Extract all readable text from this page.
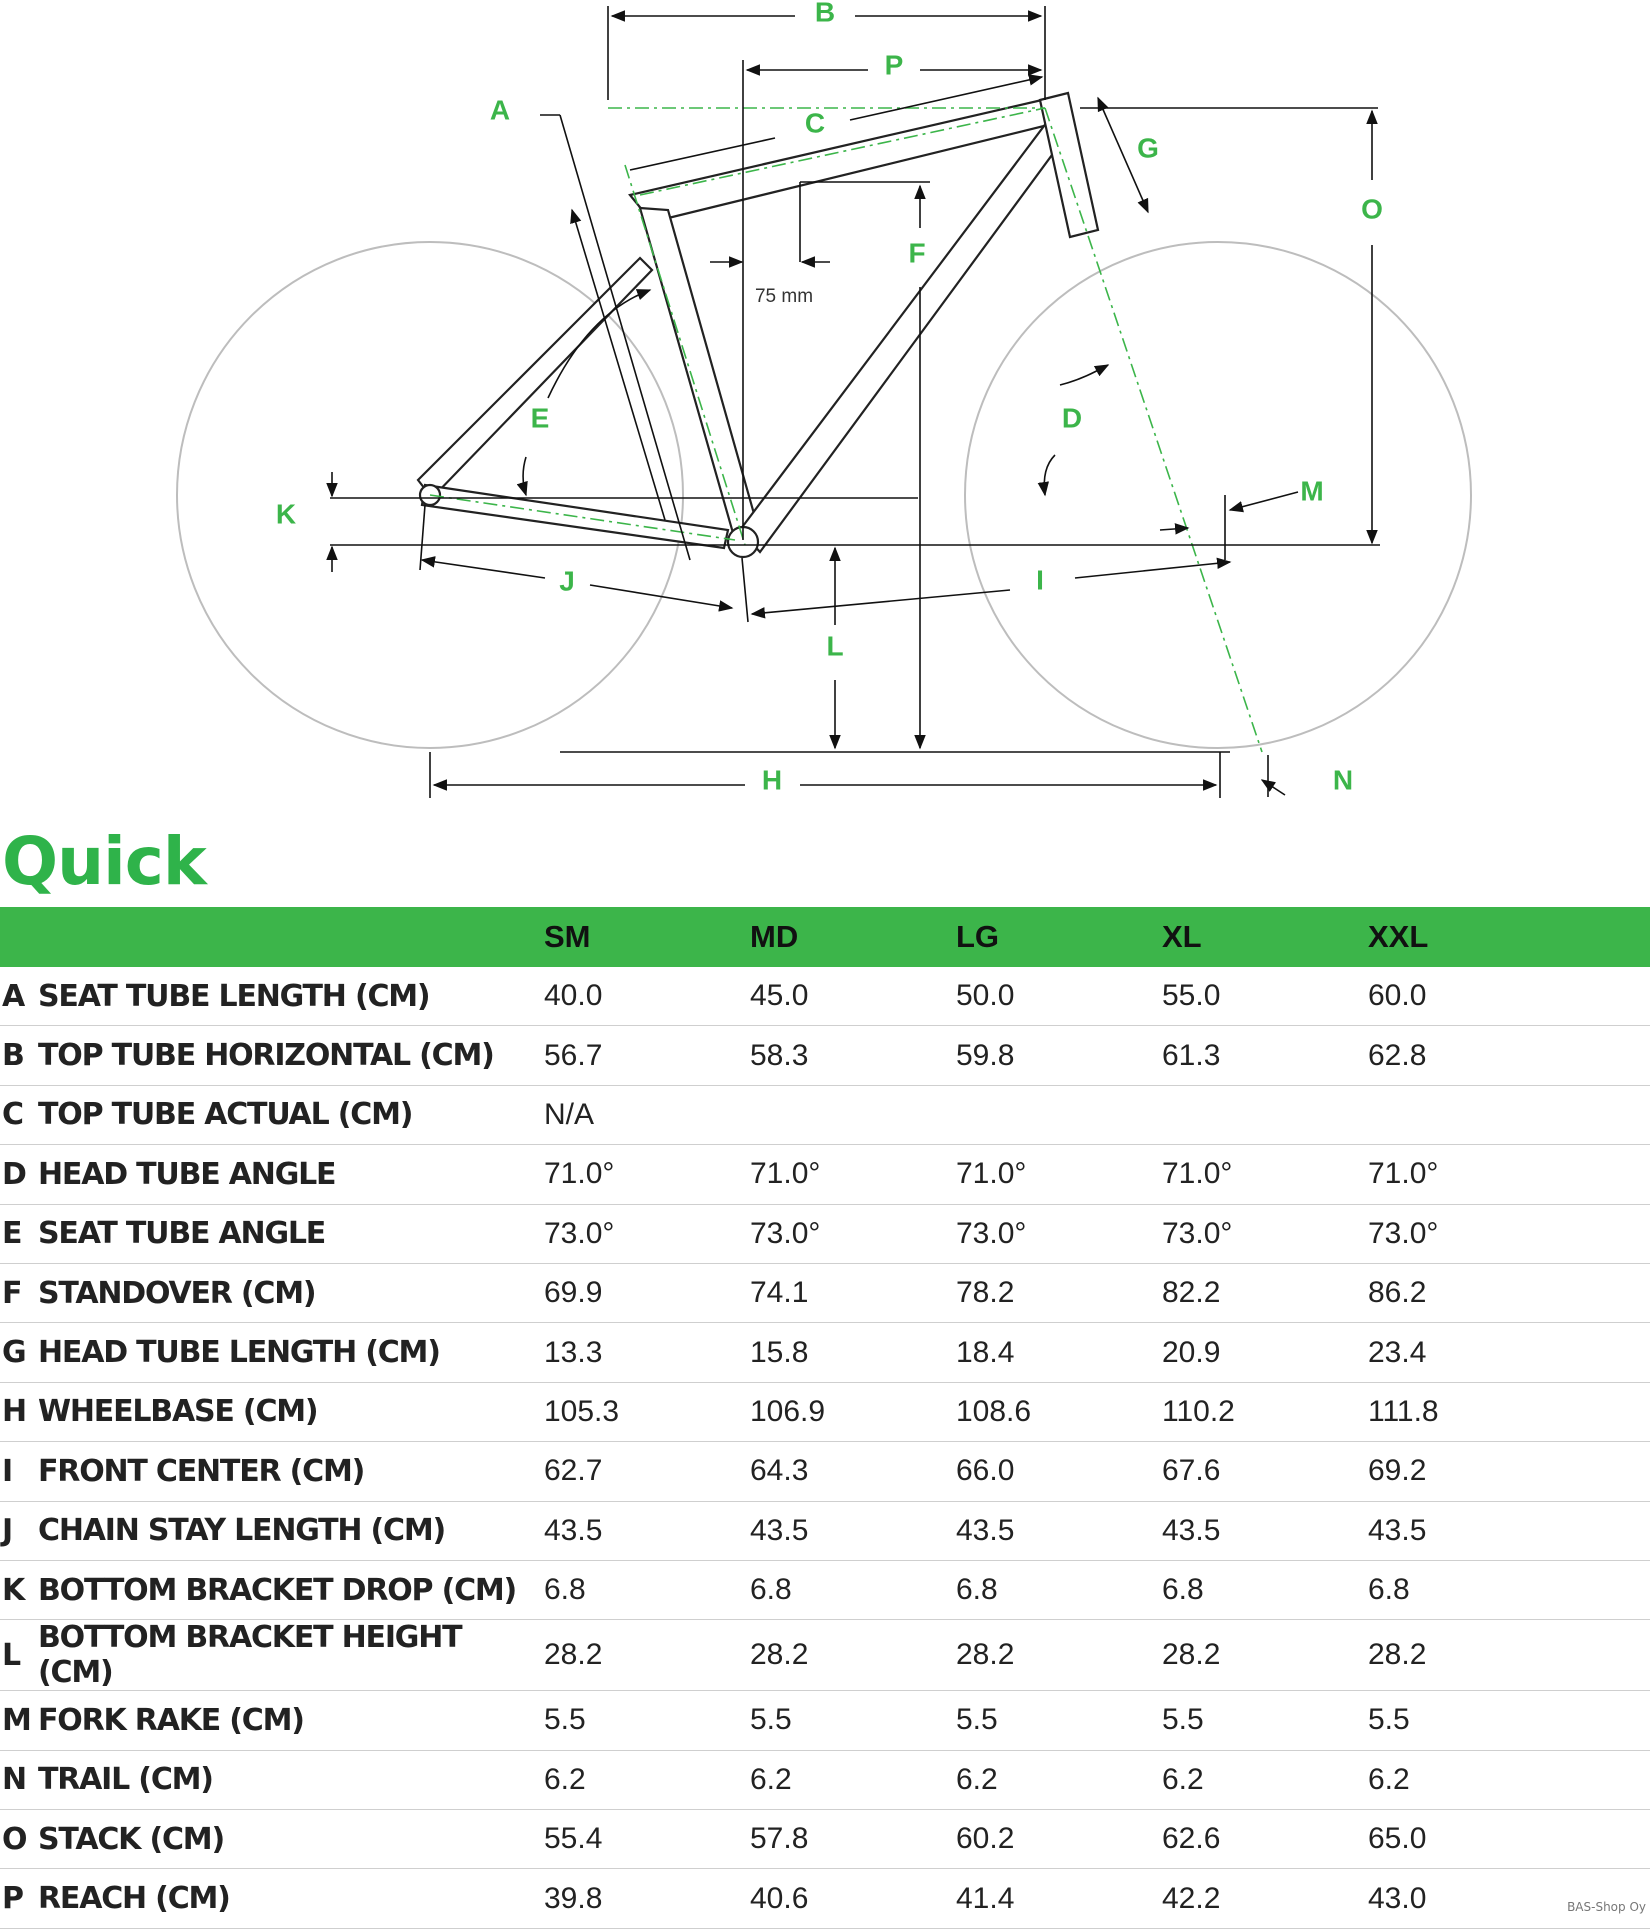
A
B
C
D
E
F
G
H
I
J
K
L
M
N
O
P
75 mm
Quick
		SM	MD	LG	XL	XXL
A	SEAT TUBE LENGTH (CM)	40.0	45.0	50.0	55.0	60.0
B	TOP TUBE HORIZONTAL (CM)	56.7	58.3	59.8	61.3	62.8
C	TOP TUBE ACTUAL (CM)	N/A				
D	HEAD TUBE ANGLE	71.0°	71.0°	71.0°	71.0°	71.0°
E	SEAT TUBE ANGLE	73.0°	73.0°	73.0°	73.0°	73.0°
F	STANDOVER (CM)	69.9	74.1	78.2	82.2	86.2
G	HEAD TUBE LENGTH (CM)	13.3	15.8	18.4	20.9	23.4
H	WHEELBASE (CM)	105.3	106.9	108.6	110.2	111.8
I	FRONT CENTER (CM)	62.7	64.3	66.0	67.6	69.2
J	CHAIN STAY LENGTH (CM)	43.5	43.5	43.5	43.5	43.5
K	BOTTOM BRACKET DROP (CM)	6.8	6.8	6.8	6.8	6.8
L	BOTTOM BRACKET HEIGHT (CM)	28.2	28.2	28.2	28.2	28.2
M	FORK RAKE (CM)	5.5	5.5	5.5	5.5	5.5
N	TRAIL (CM)	6.2	6.2	6.2	6.2	6.2
O	STACK (CM)	55.4	57.8	60.2	62.6	65.0
P	REACH (CM)	39.8	40.6	41.4	42.2	43.0	BAS-Shop Oy
